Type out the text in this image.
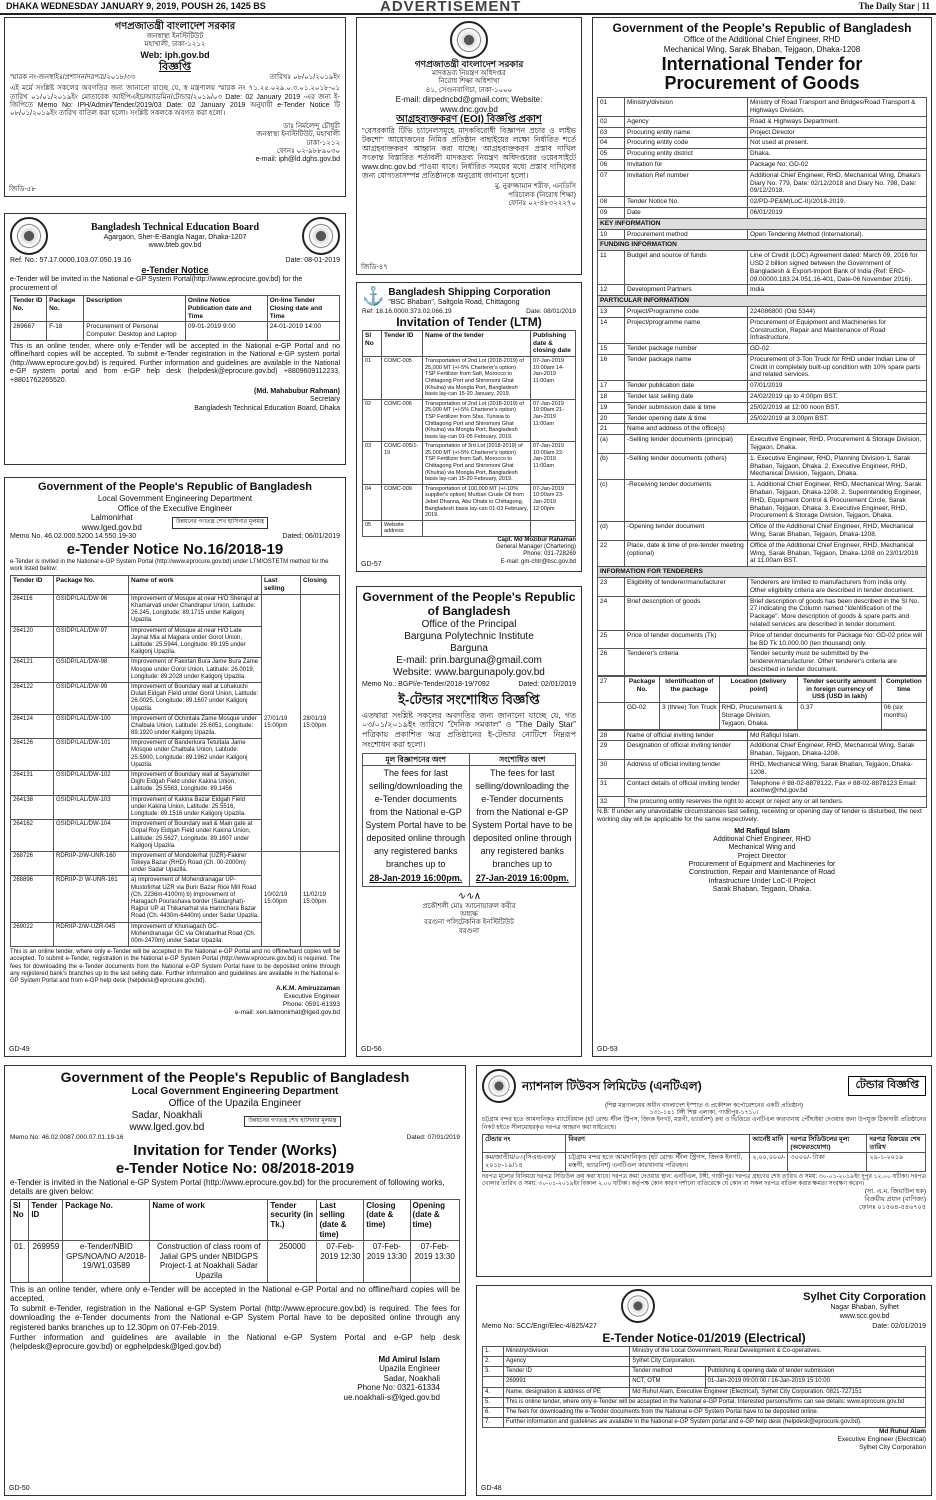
DHAKA WEDNESDAY JANUARY 9, 2019, POUSH 26, 1425 BS	ADVERTISEMENT	The Daily Star | 11
গণপ্রজাতন্ত্রী বাংলাদেশ সরকার
জনস্বাস্থ্য ইনস্টিটিউট
মহাখালী, ঢাকা-১২১২
Web: iph.gov.bd
বিজ্ঞপ্তি
স্মারক নং-জনস্বাইঃ/প্রশাসন/দরপত্র/২০১৮/৩৩	তারিখঃ ০৮/০১/২০১৯ইং
এই মর্মে সংশ্লিষ্ট সকলের অবগতির জন্য জানানো যাচ্ছে যে, স্ব মন্ত্রণালয় স্মারক নং ৭১.২৫.০২৯.০.৩.০১.২০১৮-০১ তারিখ ০১/০১/২০১৯ইং মোতাবেক আইপিএইচ/অ্যাডমিন/টেন্ডার/২০১৯/০৩ Date: 02 January 2019 -এর জন্য ই-জিপিতে Memo No: IPH/Admin/Tender/2019/03 Date: 02 January 2019 অনুযায়ী e-Tender Notice টি ০৮/০১/২০১৯ইং তারিখ বাতিল করা হলো। সংশ্লিষ্ট সকলকে অবগত করা হলো।
ডাঃ নির্মলেন্দু চৌধুরী
জনস্বাস্থ্য ইনস্টিটিউট, মহাখালী
ঢাকা-১২১২
ফোনঃ ০২-৯৮৮৯০৩০
e-mail: iph@ld.dghs.gov.bd
জিডি-৫৮
Bangladesh Technical Education Board
Agargaon, Sher-E-Bangla Nagar, Dhaka-1207
www.bteb.gov.bd
Ref. No.: 57.17.0000.103.07.050.19.16	Date: 08-01-2019
e-Tender Notice
e-Tender will be invited in the National e-GP System Portal(http://www.eprocure.gov.bd) for the procurement of
Tender ID No.	Package No.	Description	Online Notice Publication date and Time	On-line Tender Closing date and Time
269667	F-18	Procurement of Personal Computer: Desktop and Laptop	09-01-2019 9:00	24-01-2019 14:00
This is an online tender, where only e-Tender will be accepted in the National e-GP Portal and no offline/hard copies will be accepted. To submit e-Tender registration in the National e-GP system portal (http://www.eprocure.gov.bd) is required. Further information and guidelines are available in the National e-GP system portal and from e-GP help desk (helpdesk@eprocure.gov.bd) +8809609112233, +8801762265520.
(Md. Mahabubur Rahman)
Secretary
Bangladesh Technical Education Board, Dhaka
Government of the People's Republic of Bangladesh
Local Government Engineering Department
Office of the Executive Engineer
Lalmonirhat
www.lged.gov.bd
উন্নয়নের গণতন্ত্র শেখ হাসিনার মূলমন্ত্র
Memo No. 46.02.000.5200.14.550.19-30	Dated: 06/01/2019
e-Tender Notice No.16/2018-19
e-Tender is invited in the National e-GP System Portal (http://www.eprocure.gov.bd) under LTM/OSTETM method for the work listed below:
Tender ID	Package No.	Name of work	Last selling	Closing
264116	GSIDP/LAL/DW-96	Improvement of Mosque at near H/O Sherajul at Khamarvati under Chandrapur Union, Latitude: 26.245, Longitude: 89.1715 under Kaligonj Upazila.	27/01/19 15:00pm	28/01/19 15:00pm
264120	GSIDP/LAL/DW-97	Improvement of Mosque at near H/O Late Jaynal Mia at Majpara under Gorol Union, Latitude: 25.5944, Longitude: 89.195 under Kaligonj Upazila.		
264121	GSIDP/LAL/DW-98	Improvement of Fakirtari Bura Jame Bura Zame Mosque under Gorol Union, Latitude: 26.0019, Longitude: 89.2028 under Kaligonj Upazila.		
264122	GSIDP/LAL/DW-99	Improvement of Boundary wall at Lohakuchi Dulali Eidgah Field under Gorol Union, Latitude: 26.0025, Longitude: 89.1607 under Kaligonj Upazila.		
264124	GSIDP/LAL/DW-100	Improvement of Ochintala Zame Mosque under Chalbala Union, Latitude: 25.6051, Longitude: 89.1920 under Kaligonj Upazila.		
264126	GSIDP/LAL/DW-101	Improvement of Banderkura Tetultala Jame Mosque under Chalbala Union, Latitude: 25.5900, Longitude: 89.1962 under Kaligonj Upazila.		
264131	GSIDP/LAL/DW-102	Improvement of Boundary wall at Sayamoter Dighi Eidgah Field under Kakina Union, Latitude: 25.5563, Longitude: 89.1456		
264138	GSIDP/LAL/DW-103	Improvement of Kakina Bazar Eidgah Field under Kakina Union, Latitude: 25.5516, Longitude: 89.1516 under Kaligonj Upazila.		
264162	GSIDP/LAL/DW-104	Improvement of Boundary wall & Main gate at Gopal Roy Eidgah Field under Kakina Union, Latitude: 25.5627, Longitude: 89.1607 under Kaligonj Upazila.		
268726	RDRIIP-2/W-UNR-160	Improvement of Mondolerhat (UZR)-Fakirer Tokeya Bazar (RHD) Road (Ch. 00-2000m) under Sadar Upazila.	10/02/19 15:00pm	11/02/19 15:00pm
268896	RDRIIP-2/ W-UNR-161	a) Improvement of Mohendranagar UP-Mustofirhat UZR via Burir Bazar Rice Mill Road (Ch. 2236m-4100m) b) Improvement of Haragach Pourashava border (Sadarghat)-Rajpur UP at Thikanarhat via Harinchara Bazar Road (Ch. 4430m-6440m) under Sadar Upazila.		
269022	RDRIIP-2/W-UZR-045	Improvement of Khuniagach GC-Mohendranagar GC via Okrabarihat Road (Ch. 00m-2470m) under Sadar Upazila.		
This is an online tender, where only e-Tender will be accepted in the National e-GP Portal and no offline/hard copies will be accepted. To submit e-Tender, registration in the National e-GP System Portal (http://www.eprocure.gov.bd) is required. The fees for downloading the e-Tender documents from the National e-GP System Portal have to be deposited online through any registered bank's branches up to the last selling date. Further information and guidelines are available in the National e-GP System Portal and from e-GP help desk (helpdesk@eprocure.gov.bd).
A.K.M. Amiruzzaman
Executive Engineer
Phone: 0591-61393
e-mail: xen.lalmonirhat@lged.gov.bd
GD-49
গণপ্রজাতন্ত্রী বাংলাদেশ সরকার
মাদকদ্রব্য নিয়ন্ত্রণ অধিদপ্তর
নিরোধ শিক্ষা অধিশাখা
৪১, সেগুনবাগিচা, ঢাকা-১০০০
E-mail: dirpedncbd@gmail.com; Website:
www.dnc.gov.bd
আগ্রহব্যক্তকরণ (EOI) বিজ্ঞপ্তি প্রকাশ
"বেসরকারি টিভি চ্যানেলসমূহে মাদকবিরোধী বিজ্ঞাপন প্রচার ও লাইভ টকশো" আয়োজনের নিমিত্ত প্রতিষ্ঠান বাছাইয়ের লক্ষ্যে নির্ধারিত শর্তে আগ্রহব্যক্তকরণ আহ্বান করা যাচ্ছে। আগ্রহব্যক্তকরণ প্রস্তাব দাখিল সংক্রান্ত বিস্তারিত শর্তাবলী মাদকদ্রব্য নিয়ন্ত্রণ অধিদপ্তরের ওয়েবসাইটে www.dnc.gov.bd পাওয়া যাবে। নির্ধারিত সময়ের মধ্যে প্রস্তাব দাখিলের জন্য যোগ্যতাসম্পন্ন প্রতিষ্ঠানকে অনুরোধ জানানো হলো।
মু. নুরুজ্জামান শরীফ, এনডিসি
পরিচালক (নিরোধ শিক্ষা)
ফোনঃ ০২-৪৮৩২২২৭০
জিডি-৪৭
⚓ Bangladesh Shipping Corporation
"BSC Bhaban", Saltgola Road, Chittagong
Ref: 18.16.0000.373.02.066.19	Date: 08/01/2019
Invitation of Tender (LTM)
Sl No	Tender ID	Name of the tender	Publishing date & closing date
01	COMC-005	Transportation of 2nd Lot (2018-2019) of 25,000 MT (+/-5% Charterer's option) TSP Fertilizer from Safi, Morocco to Chittagong Port and Shiromoni Ghat (Khulna) via Mongla Port, Bangladesh basis lay-can 15-20 January, 2019.	07-Jan-2019 10:00am 14-Jan-2019 11:00am
02	COMC-006	Transportation of 2nd Lot (2018-2019) of 25,000 MT (+/-5% Charterer's option) TSP Fertilizer from Sfax, Tunisia to Chittagong Port and Shiromoni Ghat (Khulna) via Mongla Port, Bangladesh basis lay-can 01-05 February, 2019.	07-Jan-2019 10:00am 21-Jan-2019 11:00am
03	COMC-005/1-19	Transportation of 3rd Lot (2018-2019) of 25,000 MT (+/-5% Charterer's option) TSP Fertilizer from Safi, Morocco to Chittagong Port and Shiromoni Ghat (Khulna) via Mongla Port, Bangladesh basis lay-can 15-20 February, 2019.	07-Jan-2019 10:00am 22-Jan-2019 11:00am
04	COMC-009	Transportation of 100,000 MT (+/-10% supplier's option) Murban Crude Oil from Jebel Dhanna, Abu Dhabi to Chittagong, Bangladesh basis lay-can 01-03 February, 2019.	07-Jan-2019 10:00am 23-Jan-2019 12:00pm
05	Website address		
Capt. Md Mozibur Rahaman
General Manager (Chartering)
Phone: 031-728269
E-mail: gm-chtr@bsc.gov.bd
GD-57
Government of the People's Republic of Bangladesh
Office of the Principal
Barguna Polytechnic Institute
Barguna
E-mail: prin.barguna@gmail.com
Website: www.bargunapoly.gov.bd
Memo No.: BGPI/e-Tender/2018-19/7092	Dated: 02/01/2019
ই-টেন্ডার সংশোধিত বিজ্ঞপ্তি
এতদ্বারা সংশ্লিষ্ট সকলের অবগতির জন্য জানানো যাচ্ছে যে, গত ০৩/০১/২০১৯ইং তারিখে "দৈনিক সমকাল" ও "The Daily Star" পত্রিকায় প্রকাশিত অত্র প্রতিষ্ঠানের ই-টেন্ডার নোটিশে নিম্নরূপ সংশোধন করা হলো।
মূল বিজ্ঞাপনের অংশ	সংশোধিত অংশ
The fees for last selling/downloading the e-Tender documents from the National e-GP System Portal have to be deposited online through any registered banks branches up to
28-Jan-2019 16:00pm.	The fees for last selling/downloading the e-Tender documents from the National e-GP System Portal have to be deposited online through any registered banks branches up to
27-Jan-2019 16:00pm.
∿∿∧
প্রকৌশলী মোঃ আনোয়ারুল কবীর
অধ্যক্ষ
বরগুনা পলিটেকনিক ইনস্টিটিউট
বরগুনা
GD-56
Government of the People's Republic of Bangladesh
Office of the Additional Chief Engineer, RHD
Mechanical Wing, Sarak Bhaban, Tejgaon, Dhaka-1208
International Tender for
Procurement of Goods
01	Ministry/division	Ministry of Road Transport and Bridges/Road Transport & Highways Division.
02	Agency	Road & Highways Department.
03	Procuring entity name	Project Director
04	Procuring entity code	Not used at present.
05	Procuring entity district	Dhaka.
06	Invitation for	Package No: GD-02
07	Invitation Ref number	Additional Chief Engineer, RHD, Mechanical Wing, Dhaka's Diary No. 779, Date: 02/12/2018 and Diary No. 798, Date: 09/12/2018.
08	Tender Notice No.	02/PD-PE&M(LoC-II)/2018-2019.
09	Date	06/01/2019
KEY INFORMATION		
10	Procurement method	Open Tendering Method (International).
FUNDING INFORMATION		
11	Budget and source of funds	Line of Credit (LOC) Agreement dated: March 09, 2016 for USD 2 billion signed between the Government of Bangladesh & Export-Import Bank of India (Ref: ERD-09.00000.183.24.051.16-401, Date-06 November 2016).
12	Development Partners	India
PARTICULAR INFORMATION		
13	Project/Programme code	224086800 (Old 5344)
14	Project/programme name	Procurement of Equipment and Machineries for Construction, Repair and Maintenance of Road Infrastructure.
15	Tender package number	GD-02
16	Tender package name	Procurement of 3-Ton Truck for RHD under Indian Line of Credit in completely built-up condition with 10% spare parts and related services.
17	Tender publication date	07/01/2019
18	Tender last selling date	24/02/2019 up to 4:00pm BST.
19	Tender submission date & time	25/02/2019 at 12:00 noon BST.
20	Tender opening date & time	25/02/2019 at 3.00pm BST.
21	Name and address of the office(s)	
(a)	-Selling tender documents (principal)	Executive Engineer, RHD, Procurement & Storage Division, Tejgaon, Dhaka.
(b)	-Selling tender documents (others)	1. Executive Engineer, RHD, Planning Division-1, Sarak Bhaban, Tejgaon, Dhaka. 2. Executive Engineer, RHD, Mechanical Division, Tejgaon, Dhaka.
(c)	-Receiving tender documents	1. Additional Chief Engineer, RHD, Mechanical Wing, Sarak Bhaban, Tejgaon, Dhaka-1208. 2. Superintending Engineer, RHD, Equipment Control & Procurement Circle, Sarak Bhaban, Tejgaon, Dhaka. 3. Executive Engineer, RHD, Procurement & Storage Division, Tejgaon, Dhaka.
(d)	-Opening tender document	Office of the Additional Chief Engineer, RHD, Mechanical Wing, Sarak Bhaban, Tejgaon, Dhaka-1208.
22	Place, date & time of pre-tender meeting (optional)	Office of the Additional Chief Engineer, RHD, Mechanical Wing, Sarak Bhaban, Tejgaon, Dhaka-1208 on 23/01/2019 at 11.00am BST.
INFORMATION FOR TENDERERS		
23	Eligibility of tenderer/manufacturer	Tenderers are limited to manufacturers from India only. Other eligibility criteria are described in tender document.
24	Brief description of goods	Brief description of goods has been described in the Sl No. 27 indicating the Column named "Identification of the Package". More description of goods & spare parts and related services are described in tender document.
25	Price of tender documents (Tk)	Price of tender documents for Package No: GD-02 price will be BD Tk 10,000.00 (ten thousand) only.
26	Tenderer's criteria	Tender security must be submitted by the tenderer/manufacturer. Other tenderer's criteria are described in tender document.
27	Package No.	Identification of the package	Location (delivery point)	Tender security amount in foreign currency of US$ (USD in lakh)	Completion time
	GD-02	3 (three) Ton Truck	RHD, Procurement & Storage Division, Tejgaon, Dhaka.	0.37	06 (six months)
28	Name of official inviting tender	Md Rafiqul Islam.
29	Designation of official inviting tender	Additional Chief Engineer, RHD, Mechanical Wing, Sarak Bhaban, Tejgaon, Dhaka-1208.
30	Address of official inviting tender	RHD, Mechanical Wing, Sarak Bhaban, Tejgaon, Dhaka-1208.
31	Contact details of official inviting tender	Telephone # 88-02-8878122, Fax # 88-02-8878123 Email: acemw@rhd.gov.bd
32	The procuring entity reserves the right to accept or reject any or all tenders.	
N.B: If under any unavoidable circumstances last selling, receiving or opening day of tender is disturbed, the next working day will be applicable for the same respectively.
Md Rafiqul Islam
Additional Chief Engineer, RHD
Mechanical Wing and
Project Director
Procurement of Equipment and Machineries for
Construction, Repair and Maintenance of Road
Infrastructure Under LoC-II Project
Sarak Bhaban, Tejgaon, Dhaka.
GD-53
Government of the People's Republic of Bangladesh
Local Government Engineering Department
Office of the Upazila Engineer
Sadar, Noakhali
www.lged.gov.bd
উন্নয়নের গণতন্ত্র শেখ হাসিনার মূলমন্ত্র
Memo No: 46.02.0087.000.07.01.19-16	Dated: 07/01/2019
Invitation for Tender (Works)
e-Tender Notice No: 08/2018-2019
e-Tender is invited in the National e-GP System Portal (http://www.eprocure.gov.bd) for the procurement of following works, details are given below:
Sl No	Tender ID	Package No.	Name of work	Tender security (in Tk.)	Last selling (date & time)	Closing (date & time)	Opening (date & time)
01.	269959	e-Tender/NBID GPS/NOA/NO A/2018-19/W1.03589	Construction of class room of Jalial GPS under NBIDGPS Project-1 at Noakhali Sadar Upazila	250000	07-Feb-2019 12:30	07-Feb-2019 13:30	07-Feb-2019 13:30
This is an online tender, where only e-Tender will be accepted in the National e-GP Portal and no offline/hard copies will be accepted.
To submit e-Tender, registration in the National e-GP System Portal (http://www.eprocure.gov.bd) is required. The fees for downloading the e-Tender documents from the National e-GP System Portal have to be deposited online through any registered banks branches up to 12.30pm on 07-Feb-2019.
Further information and guidelines are available in the National e-GP System Portal and e-GP help desk (helpdesk@eprocure.gov.bd) or egphelpdesk@lged.gov.bd)
Md Amirul Islam
Upazila Engineer
Sadar, Noakhali
Phone No: 0321-61334
ue.noakhali-s@lged.gov.bd
GD-50
ন্যাশনাল টিউবস লিমিটেড (এনটিএল)	টেন্ডার বিজ্ঞপ্তি
(শিল্প মন্ত্রণালয়ের অধীন বাংলাদেশ ইস্পাত ও প্রকৌশল কর্পোরেশনের একটি প্রতিষ্ঠান)
১৩১-১৪১ টঙ্গী শিল্প এলাকা, গাজীপুর-১৭১০।
চট্টগ্রাম বন্দর হতে আমদানিকৃত ম্যাটেরিয়াল (হট রোল্ড স্টীল স্ট্রিপস, জিংক ইনগট, মস্তগী, ভ্যারনিশ) ক্রয় ও ভিত্তিতে এনটিএল কারখানায় পৌঁছাইয়া দেওয়ার জন্য উপযুক্ত ঠিকাদারী প্রতিষ্ঠানের নিকট হইতে সীলমোহরকৃত দরপত্র আহ্বান করা যাইতেছে।
টেন্ডার নং	বিবরণ	আর্নেষ্ট মানি	দরপত্র সিডিউলের মূল্য (অফেরতযোগ্য)	দরপত্র বিক্রয়ের শেষ তারিখ
কম/জাতীয়/০৩(সিএন্ডএফ)/২০১৮-১৯/১৪	চট্টগ্রাম বন্দর হতে আমদানিকৃত (হট রোল্ড স্টীল স্ট্রিপস, জিংক ইনগট, মস্তগী, ভ্যারনিশ) এনটিএল কারখানায় পরিবহন।	২,০০,০০০/-	৩০০০/- টাকা	২৯-১-২০১৯
দরপত্র মূল্যের বিনিময়ে দরপত্র সিডিউল ক্রয় করা যাবে। দরপত্র জমা দেওয়ার স্থান: এনটিএল, টঙ্গী, গাজীপুর। দরপত্র গ্রহণের শেষ তারিখ ও সময়: ৩০-০১-২০১৯ইং দুপুর ১২.০০ ঘটিকা। দরপত্র খোলার তারিখ ও সময়: ৩০-০১-২০১৯ইং বিকাল ২.০০ ঘটিকা। কর্তৃপক্ষ কোন কারণ দর্শানো ব্যতিরেকে যে কোন বা সকল দরপত্র বাতিল করার ক্ষমতা সংরক্ষণ করেন।
(সা. এ.ম. জিয়াউল হক)
বিক্রয়ীয় প্রধান (বাণিজ্য)
ফোনঃ ০১৫৬৪-৫৪৬৭০৫
Sylhet City Corporation
Nagar Bhaban, Sylhet
www.scc.gov.bd
Memo No: SCC/Engr/Elec-4/825/427	Date: 02/01/2019
E-Tender Notice-01/2019 (Electrical)
1.	Ministry/division	Ministry of the Local Government, Rural Development & Co-operatives.	
2.	Agency	Sylhet City Corporation.	
3.	Tender ID	Tender method	Publishing & opening date of tender submission
	269991	NCT, OTM	01-Jan-2019 09:00:00 / 16-Jan-2019 15:10:00
4.	Name, designation & address of PE	Md Ruhul Alam, Executive Engineer (Electrical), Sylhet City Corporation. 0821-727151	
5.	This is online tender, where only e-Tender will be accepted in the National e-GP Portal. Interested persons/firms can see details: www.eprocure.gov.bd		
6.	The fees for downloading the e-Tender documents from the National e-GP System Portal have to be deposited online.		
7.	Further information and guidelines are available in the National e-GP System portal and e-GP help desk (helpdesk@eprocure.gov.bd).		
Md Ruhul Alam
Executive Engineer (Electrical)
Sylhet City Corporation
GD-48
